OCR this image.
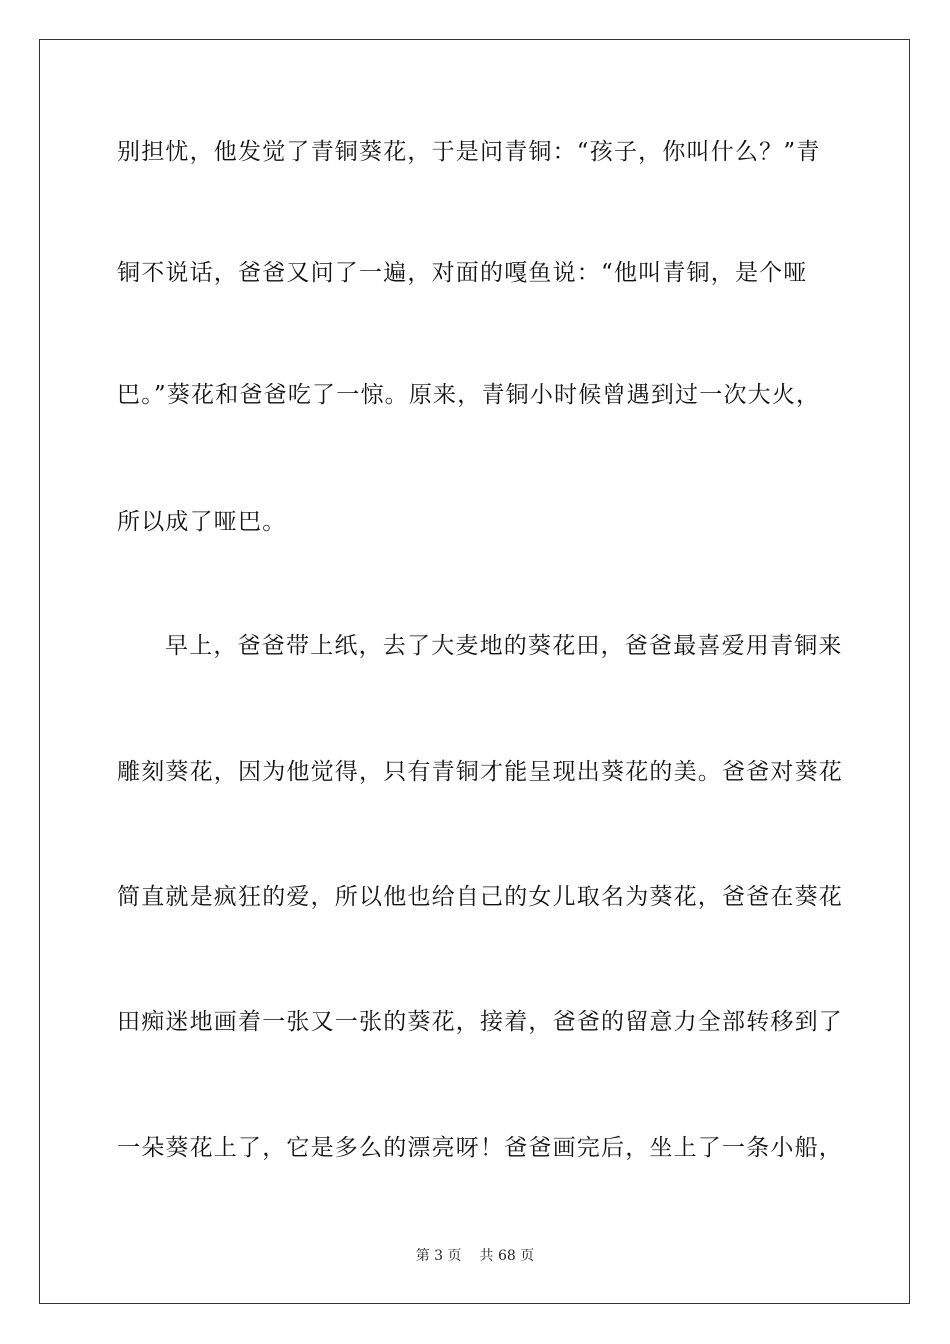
别担忧，他发觉了青铜葵花，于是问青铜：“孩子，你叫什么？”青
铜不说话，爸爸又问了一遍，对面的嘎鱼说：“他叫青铜，是个哑
巴。”葵花和爸爸吃了一惊。原来，青铜小时候曾遇到过一次大火，
所以成了哑巴。
早上，爸爸带上纸，去了大麦地的葵花田，爸爸最喜爱用青铜来
雕刻葵花，因为他觉得，只有青铜才能呈现出葵花的美。爸爸对葵花
简直就是疯狂的爱，所以他也给自己的女儿取名为葵花，爸爸在葵花
田痴迷地画着一张又一张的葵花，接着，爸爸的留意力全部转移到了
一朵葵花上了，它是多么的漂亮呀！爸爸画完后，坐上了一条小船，
第 3 页 共 68 页
